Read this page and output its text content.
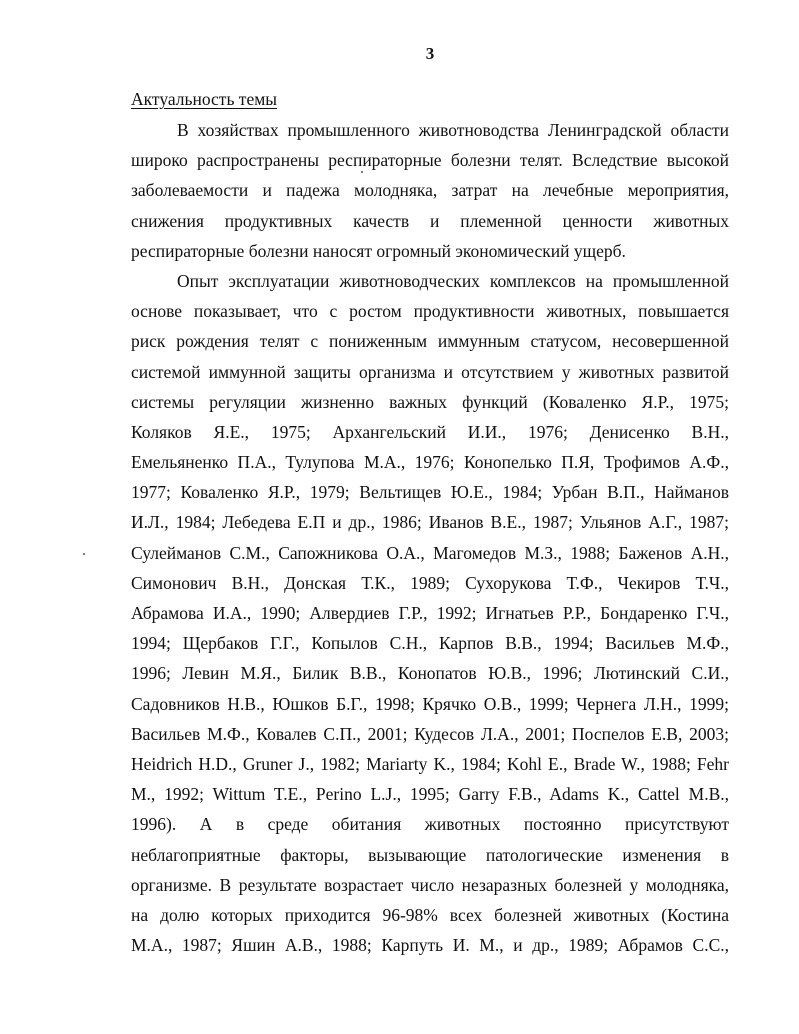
3
Актуальность темы
В хозяйствах промышленного животноводства Ленинградской области
широко распространены респираторные болезни телят. Вследствие высокой
заболеваемости и падежа молодняка, затрат на лечебные мероприятия,
снижения продуктивных качеств и племенной ценности животных
респираторные болезни наносят огромный экономический ущерб.
Опыт эксплуатации животноводческих комплексов на промышленной
основе показывает, что с ростом продуктивности животных, повышается
риск рождения телят с пониженным иммунным статусом, несовершенной
системой иммунной защиты организма и отсутствием у животных развитой
системы регуляции жизненно важных функций (Коваленко Я.Р., 1975;
Коляков Я.Е., 1975; Архангельский И.И., 1976; Денисенко В.Н.,
Емельяненко П.А., Тулупова М.А., 1976; Конопелько П.Я, Трофимов А.Ф.,
1977; Коваленко Я.Р., 1979; Вельтищев Ю.Е., 1984; Урбан В.П., Найманов
И.Л., 1984; Лебедева Е.П и др., 1986; Иванов В.Е., 1987; Ульянов А.Г., 1987;
Сулейманов С.М., Сапожникова О.А., Магомедов М.З., 1988; Баженов А.Н.,
Симонович В.Н., Донская Т.К., 1989; Сухорукова Т.Ф., Чекиров Т.Ч.,
Абрамова И.А., 1990; Алвердиев Г.Р., 1992; Игнатьев Р.Р., Бондаренко Г.Ч.,
1994; Щербаков Г.Г., Копылов С.Н., Карпов В.В., 1994; Васильев М.Ф.,
1996; Левин М.Я., Билик В.В., Конопатов Ю.В., 1996; Лютинский С.И.,
Садовников Н.В., Юшков Б.Г., 1998; Крячко О.В., 1999; Чернега Л.Н., 1999;
Васильев М.Ф., Ковалев С.П., 2001; Кудесов Л.А., 2001; Поспелов Е.В, 2003;
Heidrich H.D., Gruner J., 1982; Mariarty K., 1984; Kohl E., Brade W., 1988; Fehr
M., 1992; Wittum T.E., Perino L.J., 1995; Garry F.B., Adams K., Cattel M.B.,
1996). А в среде обитания животных постоянно присутствуют
неблагоприятные факторы, вызывающие патологические изменения в
организме. В результате возрастает число незаразных болезней у молодняка,
на долю которых приходится 96-98% всех болезней животных (Костина
М.А., 1987; Яшин А.В., 1988; Карпуть И. М., и др., 1989; Абрамов С.С.,
